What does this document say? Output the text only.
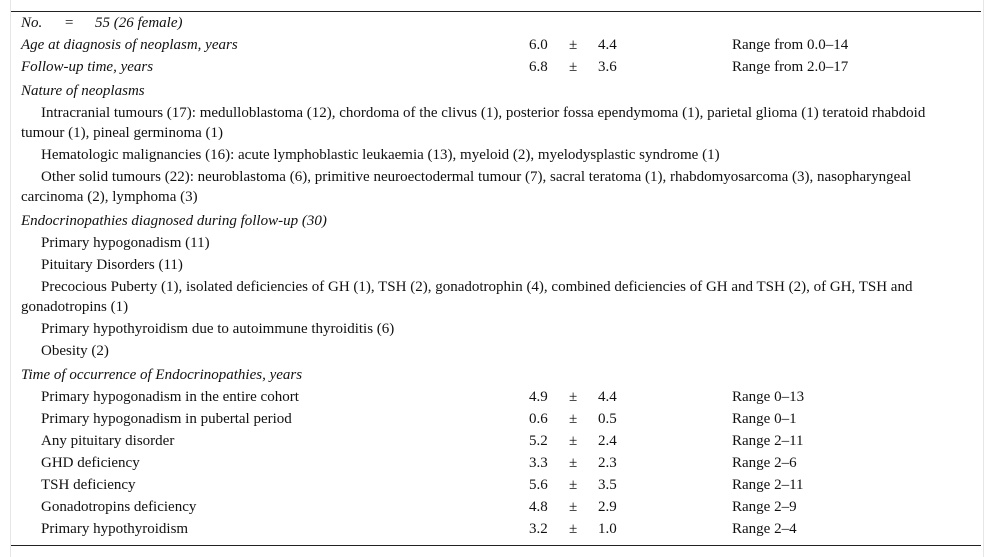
No. = 55 (26 female)
Age at diagnosis of neoplasm, years	6.0 ± 4.4	Range from 0.0–14
Follow-up time, years	6.8 ± 3.6	Range from 2.0–17
Nature of neoplasms
Intracranial tumours (17): medulloblastoma (12), chordoma of the clivus (1), posterior fossa ependymoma (1), parietal glioma (1) teratoid rhabdoid tumour (1), pineal germinoma (1)
Hematologic malignancies (16): acute lymphoblastic leukaemia (13), myeloid (2), myelodysplastic syndrome (1)
Other solid tumours (22): neuroblastoma (6), primitive neuroectodermal tumour (7), sacral teratoma (1), rhabdomyosarcoma (3), nasopharyngeal carcinoma (2), lymphoma (3)
Endocrinopathies diagnosed during follow-up (30)
Primary hypogonadism (11)
Pituitary Disorders (11)
Precocious Puberty (1), isolated deficiencies of GH (1), TSH (2), gonadotrophin (4), combined deficiencies of GH and TSH (2), of GH, TSH and gonadotropins (1)
Primary hypothyroidism due to autoimmune thyroiditis (6)
Obesity (2)
Time of occurrence of Endocrinopathies, years
Primary hypogonadism in the entire cohort	4.9 ± 4.4	Range 0–13
Primary hypogonadism in pubertal period	0.6 ± 0.5	Range 0–1
Any pituitary disorder	5.2 ± 2.4	Range 2–11
GHD deficiency	3.3 ± 2.3	Range 2–6
TSH deficiency	5.6 ± 3.5	Range 2–11
Gonadotropins deficiency	4.8 ± 2.9	Range 2–9
Primary hypothyroidism	3.2 ± 1.0	Range 2–4
